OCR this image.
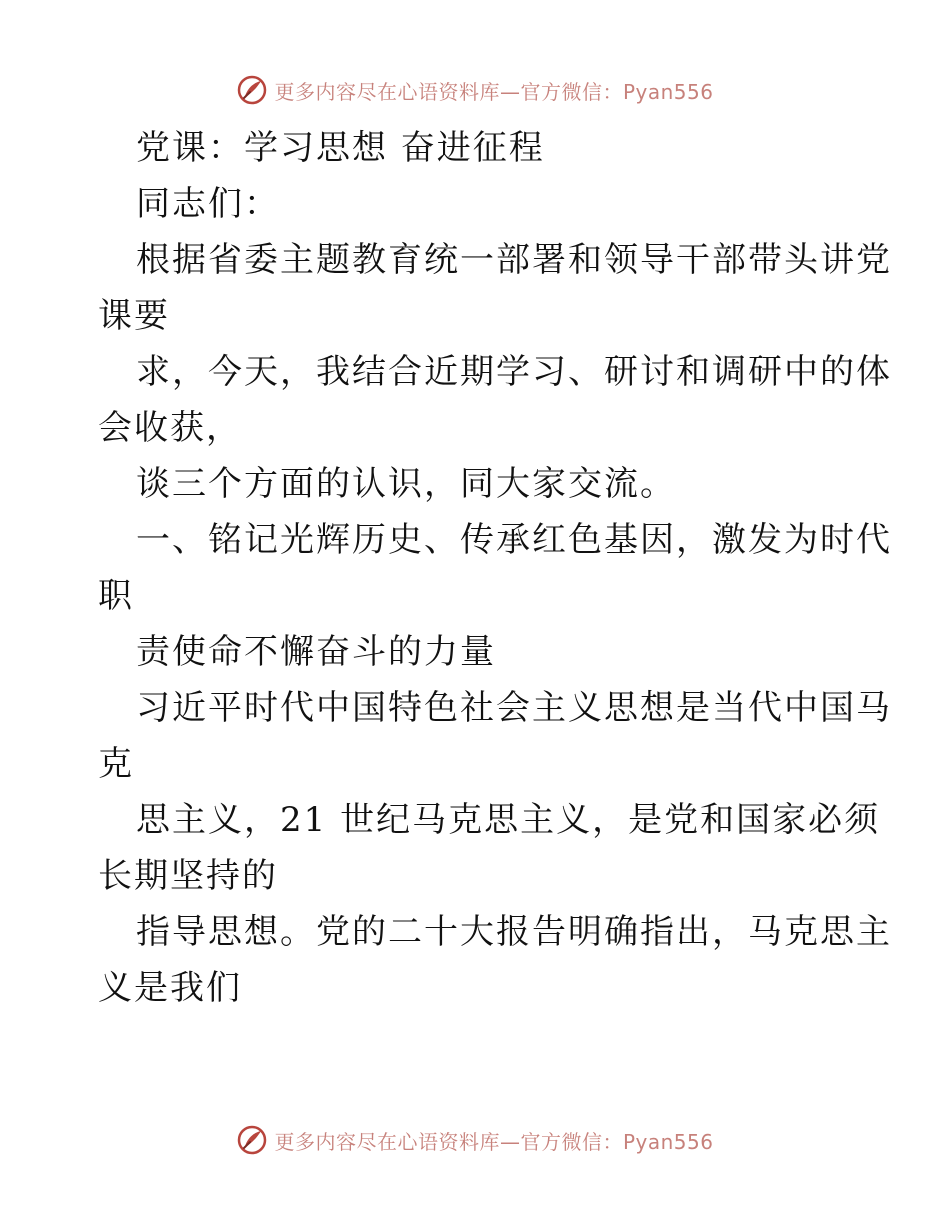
更多内容尽在心语资料库—官方微信：Pyan556
党课：学习思想 奋进征程
同志们：
根据省委主题教育统一部署和领导干部带头讲党
课要
求，今天，我结合近期学习、研讨和调研中的体
会收获，
谈三个方面的认识，同大家交流。
一、铭记光辉历史、传承红色基因，激发为时代
职
责使命不懈奋斗的力量
习近平时代中国特色社会主义思想是当代中国马
克
思主义，21 世纪马克思主义，是党和国家必须
长期坚持的
指导思想。党的二十大报告明确指出，马克思主
义是我们
更多内容尽在心语资料库—官方微信：Pyan556
